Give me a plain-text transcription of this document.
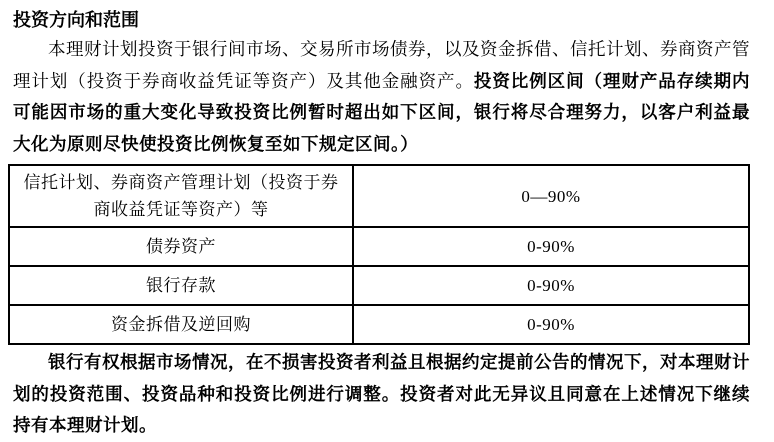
投资方向和范围

本理财计划投资于银行间市场、交易所市场债券，以及资金拆借、信托计划、券商资产管理计划（投资于券商收益凭证等资产）及其他金融资产。投资比例区间（理财产品存续期内可能因市场的重大变化导致投资比例暂时超出如下区间，银行将尽合理努力，以客户利益最大化为原则尽快使投资比例恢复至如下规定区间。）

信托计划、券商资产管理计划（投资于券商收益凭证等资产）等	0—90%
债券资产	0-90%
银行存款	0-90%
资金拆借及逆回购	0-90%

银行有权根据市场情况，在不损害投资者利益且根据约定提前公告的情况下，对本理财计划的投资范围、投资品种和投资比例进行调整。投资者对此无异议且同意在上述情况下继续持有本理财计划。
